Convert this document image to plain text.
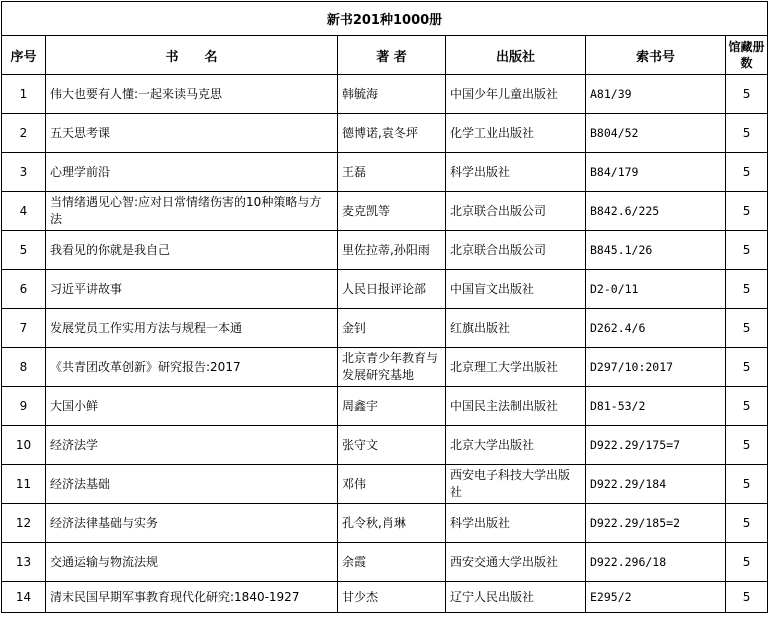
新书201种1000册					
序号	书　　名	著 者	出版社	索书号	馆藏册数
1	伟大也要有人懂:一起来读马克思	韩毓海	中国少年儿童出版社	A81/39	5
2	五天思考课	德博诺,袁冬坪	化学工业出版社	B804/52	5
3	心理学前沿	王磊	科学出版社	B84/179	5
4	当情绪遇见心智:应对日常情绪伤害的10种策略与方法	麦克凯等	北京联合出版公司	B842.6/225	5
5	我看见的你就是我自己	里佐拉蒂,孙阳雨	北京联合出版公司	B845.1/26	5
6	习近平讲故事	人民日报评论部	中国盲文出版社	D2-0/11	5
7	发展党员工作实用方法与规程一本通	金钊	红旗出版社	D262.4/6	5
8	《共青团改革创新》研究报告:2017	北京青少年教育与发展研究基地	北京理工大学出版社	D297/10:2017	5
9	大国小鲜	周鑫宇	中国民主法制出版社	D81-53/2	5
10	经济法学	张守文	北京大学出版社	D922.29/175=7	5
11	经济法基础	邓伟	西安电子科技大学出版社	D922.29/184	5
12	经济法律基础与实务	孔令秋,肖琳	科学出版社	D922.29/185=2	5
13	交通运输与物流法规	余霞	西安交通大学出版社	D922.296/18	5
14	清末民国早期军事教育现代化研究:1840-1927	甘少杰	辽宁人民出版社	E295/2	5
